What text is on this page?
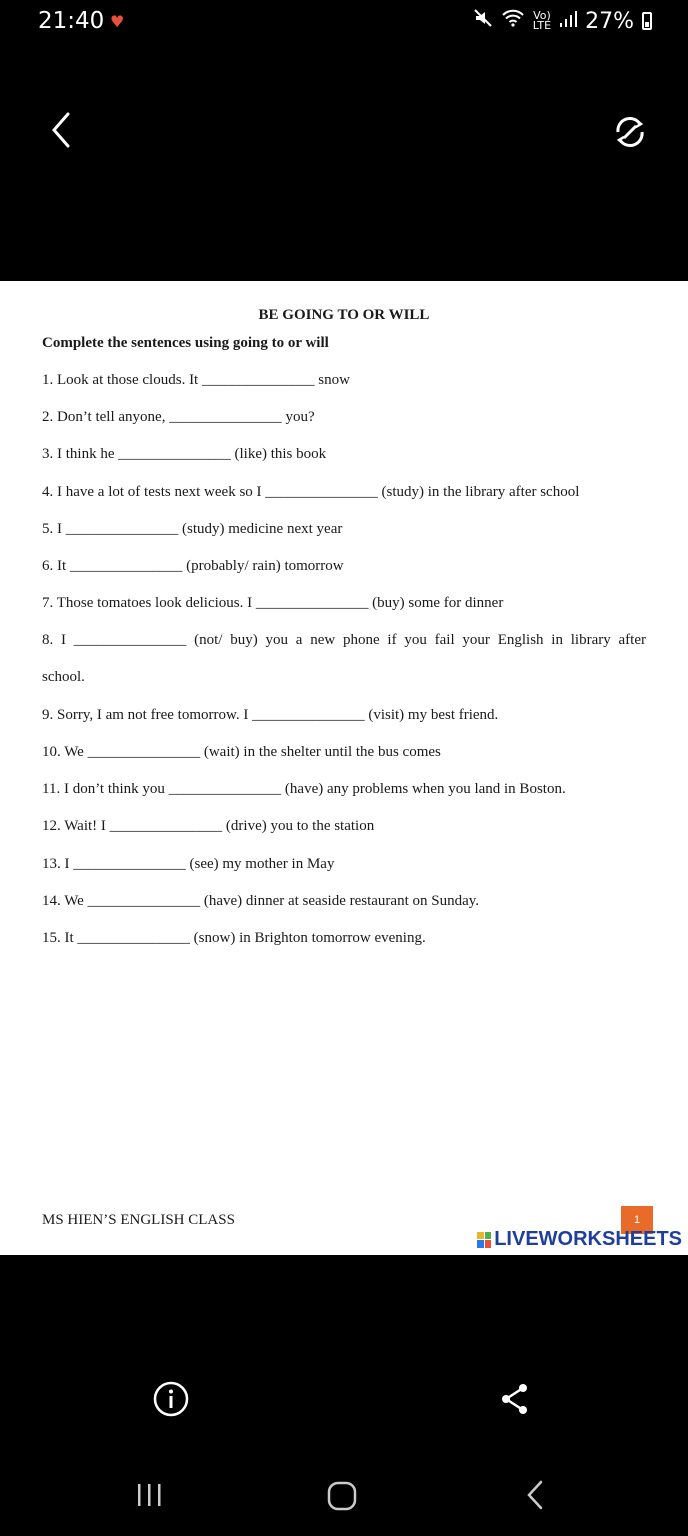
21:40 ♥	Vo)
LTE 27%
BE GOING TO OR WILL
Complete the sentences using going to or will
1. Look at those clouds. It _______________ snow
2. Don’t tell anyone, _______________ you?
3. I think he _______________ (like) this book
4. I have a lot of tests next week so I _______________ (study) in the library after school
5. I _______________ (study) medicine next year
6. It _______________ (probably/ rain) tomorrow
7. Those tomatoes look delicious. I _______________ (buy) some for dinner
8. I _______________ (not/ buy) you a new phone if you fail your English in library after
school.
9. Sorry, I am not free tomorrow. I _______________ (visit) my best friend.
10. We _______________ (wait) in the shelter until the bus comes
11. I don’t think you _______________ (have) any problems when you land in Boston.
12. Wait! I _______________ (drive) you to the station
13. I _______________ (see) my mother in May
14. We _______________ (have) dinner at seaside restaurant on Sunday.
15. It _______________ (snow) in Brighton tomorrow evening.
MS HIEN’S ENGLISH CLASS	1
LIVEWORKSHEETS
